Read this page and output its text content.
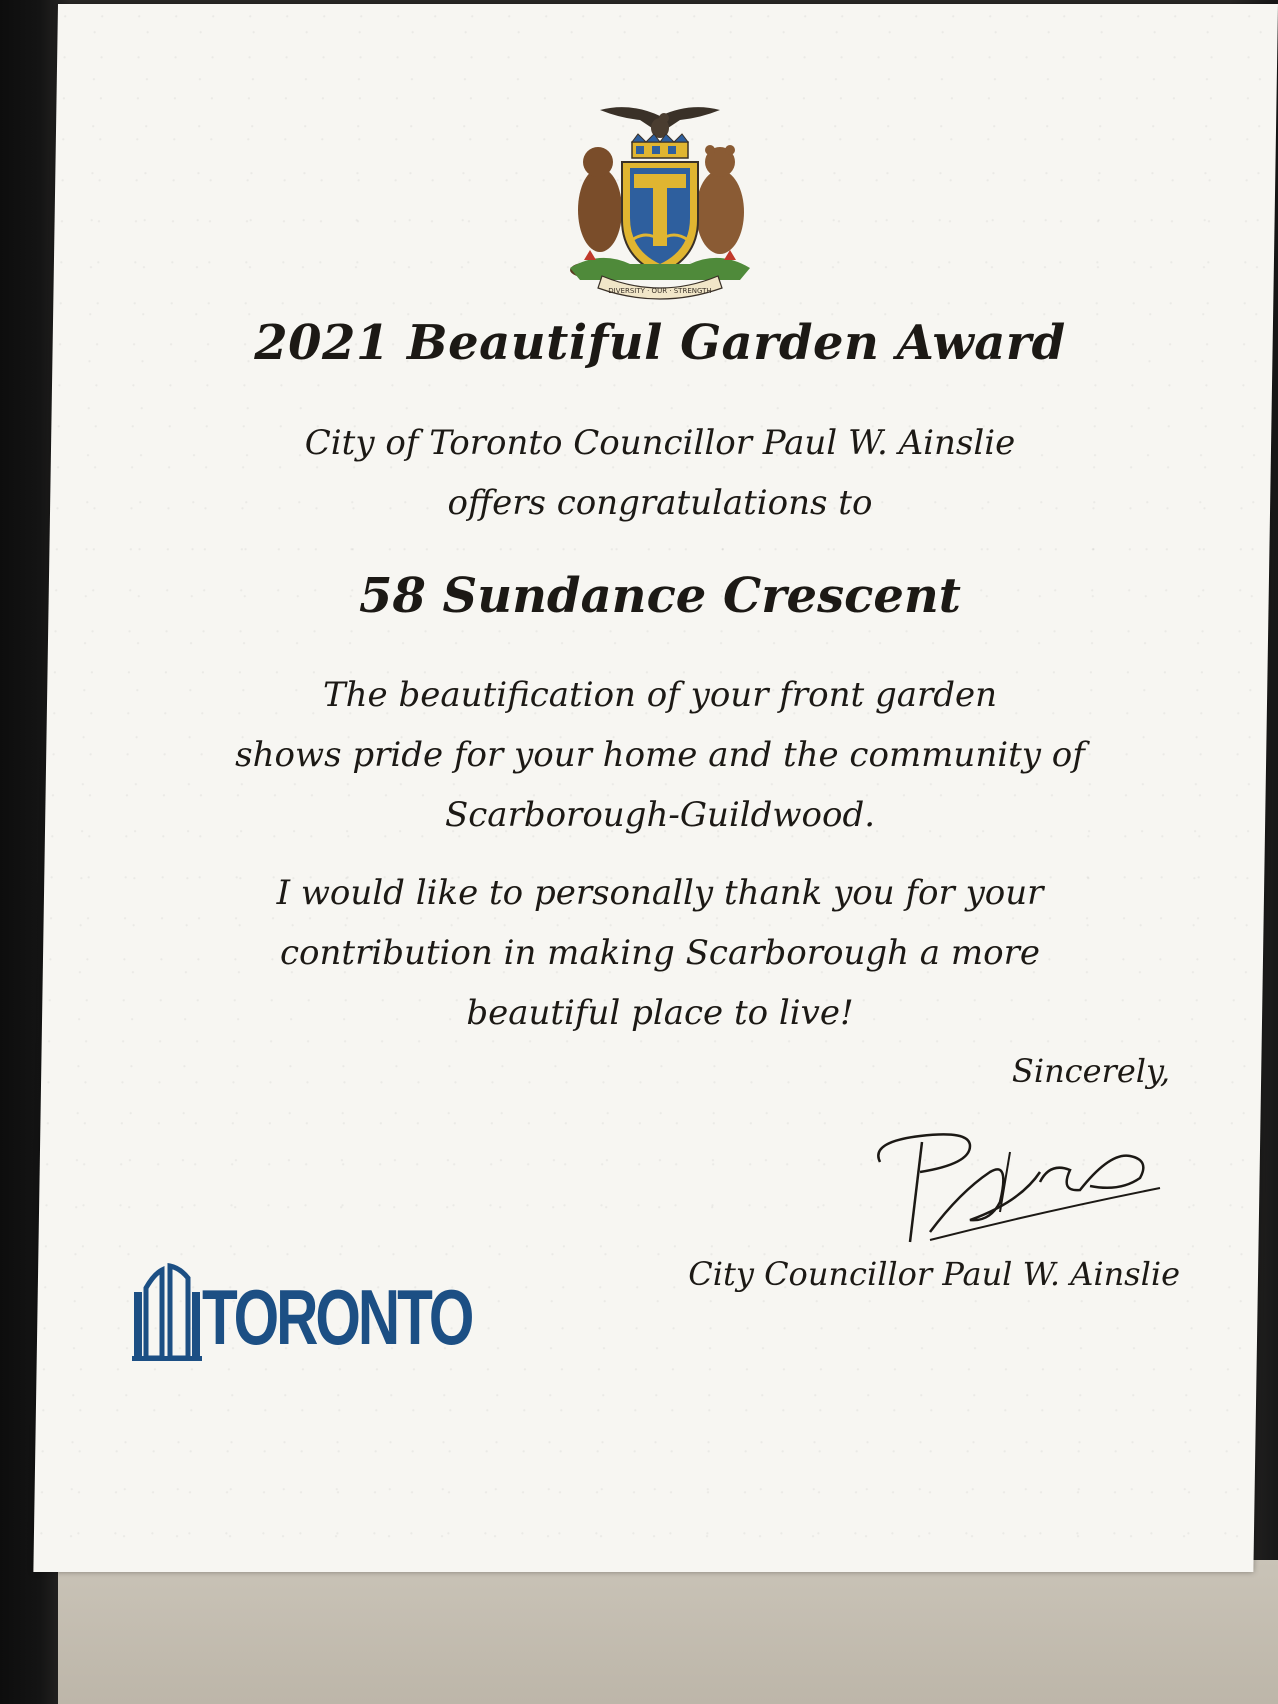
DIVERSITY · OUR · STRENGTH
2021 Beautiful Garden Award

City of Toronto Councillor Paul W. Ainslie

offers congratulations to

58 Sundance Crescent

The beautification of your front garden

shows pride for your home and the community of

Scarborough-Guildwood.

I would like to personally thank you for your

contribution in making Scarborough a more

beautiful place to live!

Sincerely,

City Councillor Paul W. Ainslie

TORONTO
